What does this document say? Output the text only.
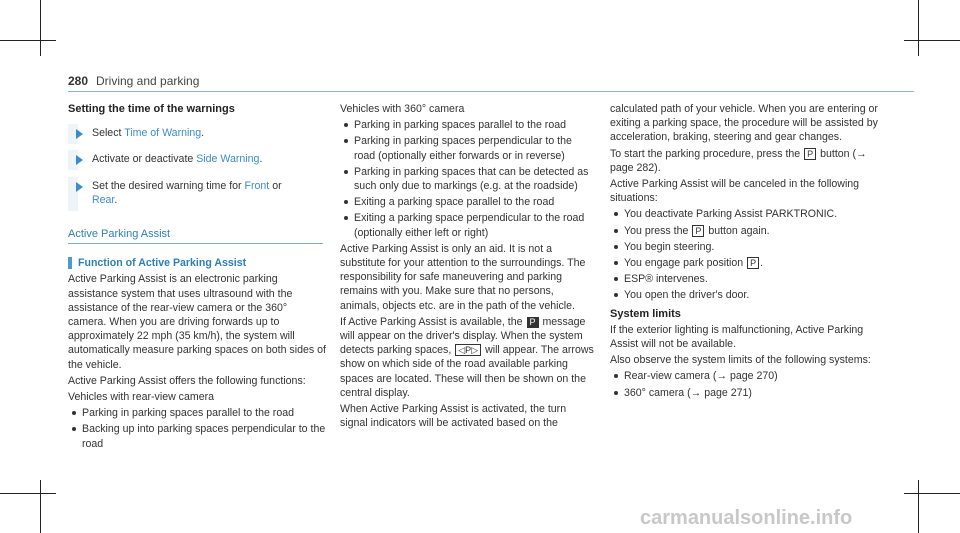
280 Driving and parking

Setting the time of the warnings

Select Time of Warning.

Activate or deactivate Side Warning.

Set the desired warning time for Front or
Rear.

Active Parking Assist

Function of Active Parking Assist

Active Parking Assist is an electronic parking assistance system that uses ultrasound with the assistance of the rear-view camera or the 360° camera. When you are driving forwards up to approximately 22 mph (35 km/h), the system will automatically measure parking spaces on both sides of the vehicle.

Active Parking Assist offers the following functions:

Vehicles with rear-view camera

Parking in parking spaces parallel to the road

Backing up into parking spaces perpendicular to the road

Vehicles with 360° camera

Parking in parking spaces parallel to the road

Parking in parking spaces perpendicular to the road (optionally either forwards or in reverse)

Parking in parking spaces that can be detected as such only due to markings (e.g. at the roadside)

Exiting a parking space parallel to the road

Exiting a parking space perpendicular to the road (optionally either left or right)

Active Parking Assist is only an aid. It is not a substitute for your attention to the surroundings. The responsibility for safe maneuvering and parking remains with you. Make sure that no persons, animals, objects etc. are in the path of the vehicle.

If Active Parking Assist is available, the P message will appear on the driver's display. When the system detects parking spaces, ◁P▷ will appear. The arrows show on which side of the road available parking spaces are located. These will then be shown on the central display.

When Active Parking Assist is activated, the turn signal indicators will be activated based on the

calculated path of your vehicle. When you are entering or exiting a parking space, the procedure will be assisted by acceleration, braking, steering and gear changes.

To start the parking procedure, press the P button (→ page 282).

Active Parking Assist will be canceled in the following situations:

You deactivate Parking Assist PARKTRONIC.

You press the P button again.

You begin steering.

You engage park position P .

ESP® intervenes.

You open the driver's door.

System limits

If the exterior lighting is malfunctioning, Active Parking Assist will not be available.

Also observe the system limits of the following systems:

Rear-view camera (→ page 270)

360° camera (→ page 271)

carmanualsonline.info
